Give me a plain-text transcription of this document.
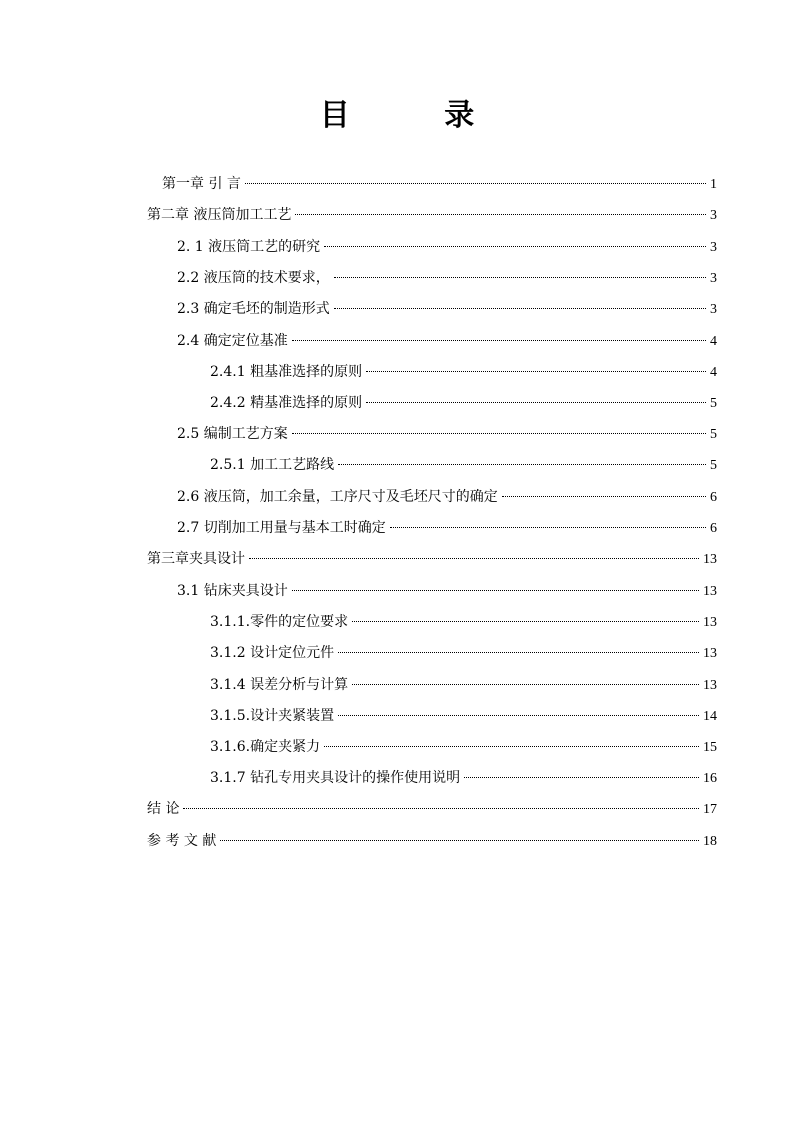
目 录
第一章 引 言	1
第二章 液压筒加工工艺	3
2. 1 液压筒工艺的研究	3
2.2 液压筒的技术要求，	3
2.3 确定毛坯的制造形式	3
2.4 确定定位基准	4
2.4.1 粗基准选择的原则	4
2.4.2 精基准选择的原则	5
2.5 编制工艺方案	5
2.5.1 加工工艺路线	5
2.6 液压筒，加工余量，工序尺寸及毛坯尺寸的确定	6
2.7 切削加工用量与基本工时确定	6
第三章夹具设计	13
3.1 钻床夹具设计	13
3.1.1.零件的定位要求	13
3.1.2 设计定位元件	13
3.1.4 误差分析与计算	13
3.1.5.设计夹紧装置	14
3.1.6.确定夹紧力	15
3.1.7 钻孔专用夹具设计的操作使用说明	16
结 论	17
参 考 文 献	18
